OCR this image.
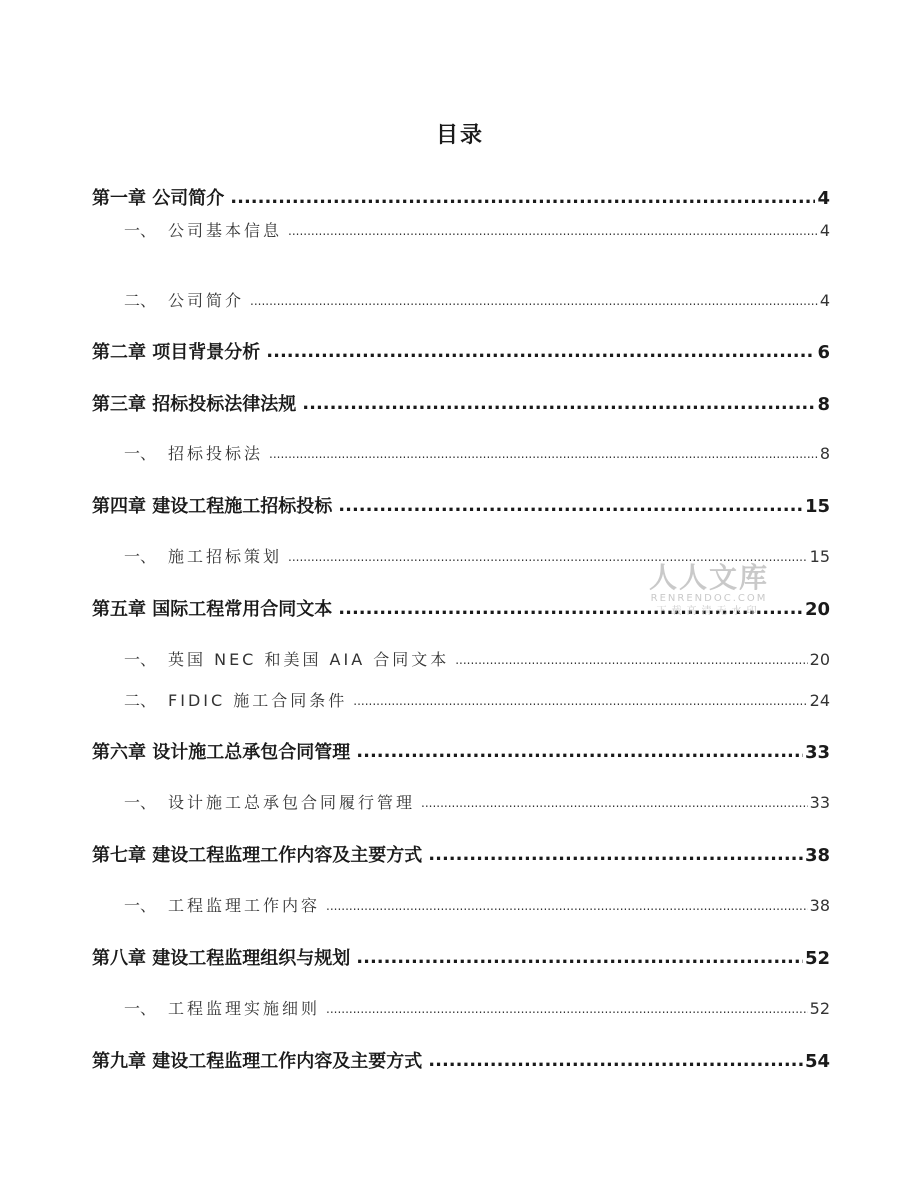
目录
第一章 公司简介 .....	4
一、 公司基本信息 .....	4
二、 公司简介 .....	4
第二章 项目背景分析 .....	6
第三章 招标投标法律法规 .....	8
一、 招标投标法 .....	8
第四章 建设工程施工招标投标 .....	15
一、 施工招标策划 .....	15
第五章 国际工程常用合同文本 .....	20
一、 英国 NEC 和美国 AIA 合同文本 .....	20
二、 FIDIC 施工合同条件 .....	24
第六章 设计施工总承包合同管理 .....	33
一、 设计施工总承包合同履行管理 .....	33
第七章 建设工程监理工作内容及主要方式 .....	38
一、 工程监理工作内容 .....	38
第八章 建设工程监理组织与规划 .....	52
一、 工程监理实施细则 .....	52
第九章 建设工程监理工作内容及主要方式 .....	54
人人文库
RENRENDOC.COM
下载高清无水印
